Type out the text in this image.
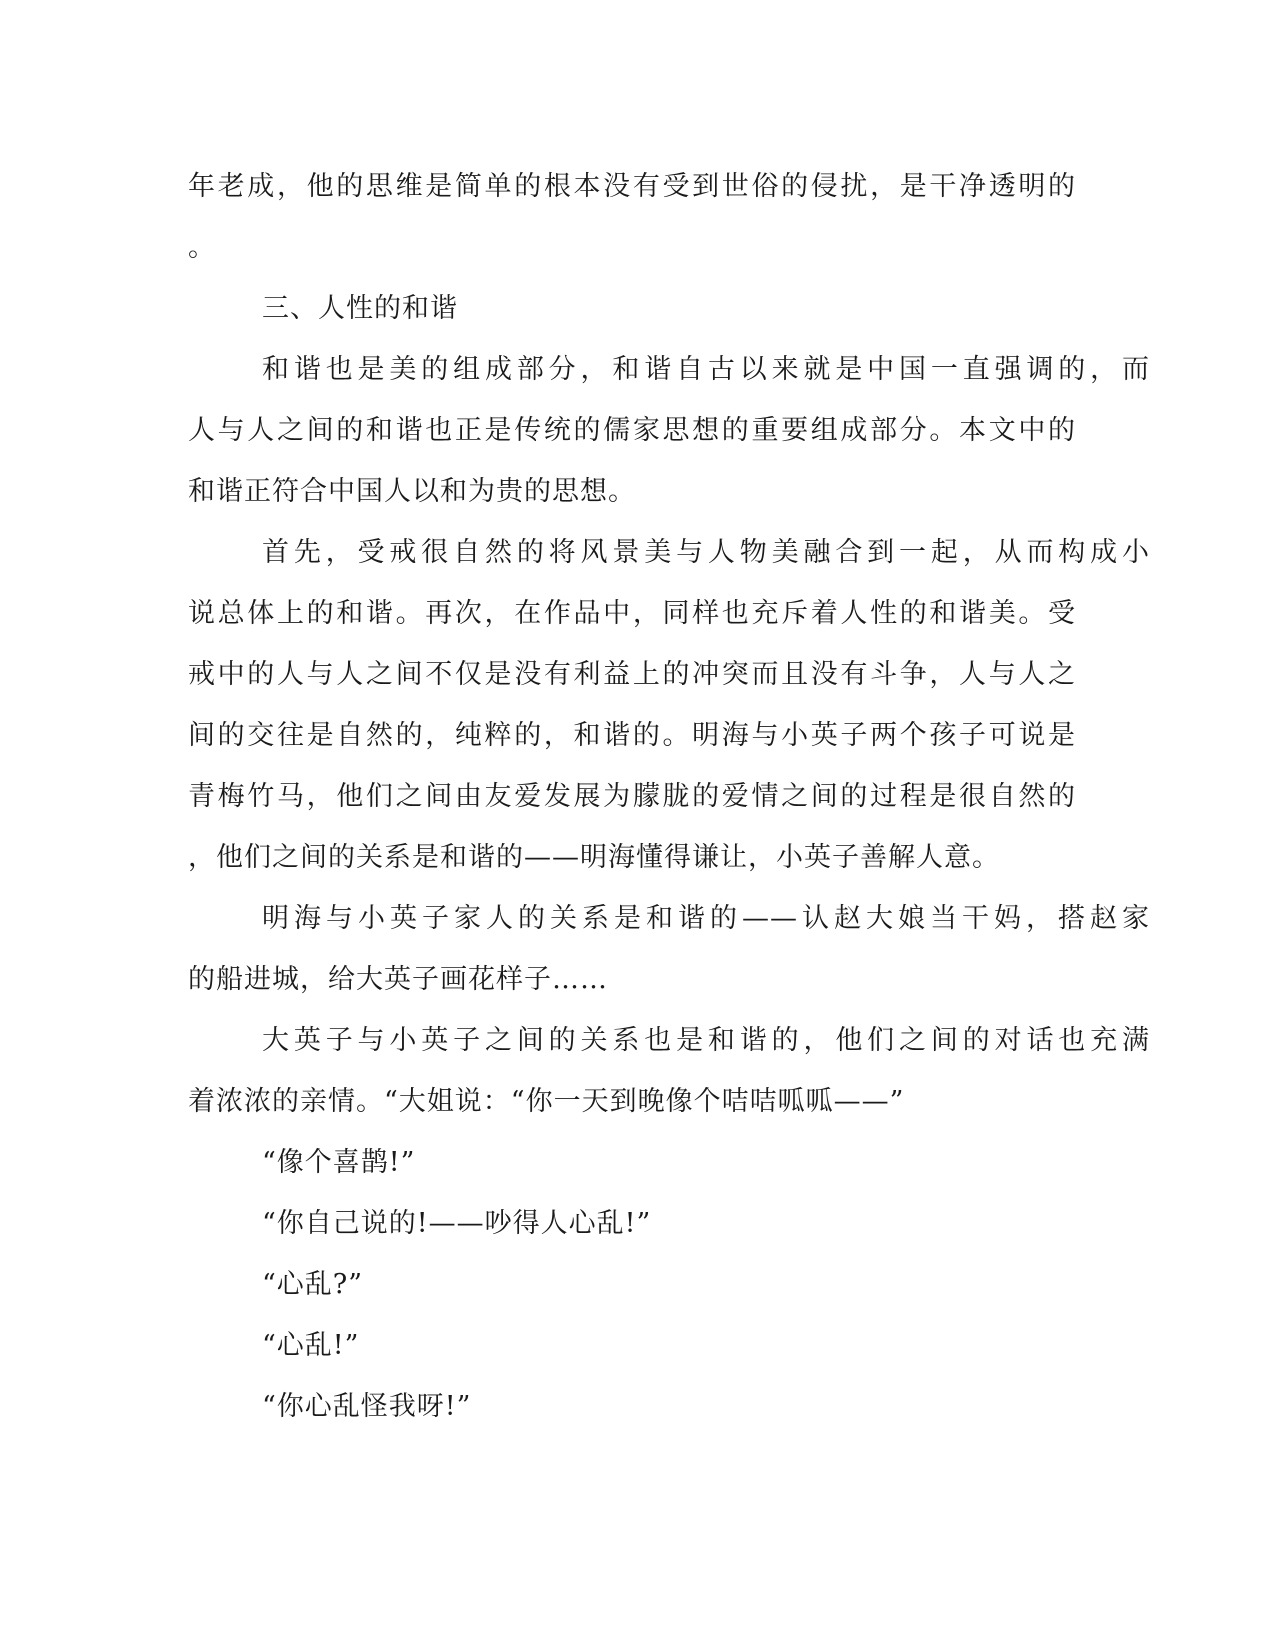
年老成，他的思维是简单的根本没有受到世俗的侵扰，是干净透明的
。
三、人性的和谐
和谐也是美的组成部分，和谐自古以来就是中国一直强调的，而
人与人之间的和谐也正是传统的儒家思想的重要组成部分。本文中的
和谐正符合中国人以和为贵的思想。
首先，受戒很自然的将风景美与人物美融合到一起，从而构成小
说总体上的和谐。再次，在作品中，同样也充斥着人性的和谐美。受
戒中的人与人之间不仅是没有利益上的冲突而且没有斗争，人与人之
间的交往是自然的，纯粹的，和谐的。明海与小英子两个孩子可说是
青梅竹马，他们之间由友爱发展为朦胧的爱情之间的过程是很自然的
，他们之间的关系是和谐的——明海懂得谦让，小英子善解人意。
明海与小英子家人的关系是和谐的——认赵大娘当干妈，搭赵家
的船进城，给大英子画花样子……
大英子与小英子之间的关系也是和谐的，他们之间的对话也充满
着浓浓的亲情。“大姐说：“你一天到晚像个咭咭呱呱——”
“像个喜鹊!”
“你自己说的!——吵得人心乱!”
“心乱?”
“心乱!”
“你心乱怪我呀!”
